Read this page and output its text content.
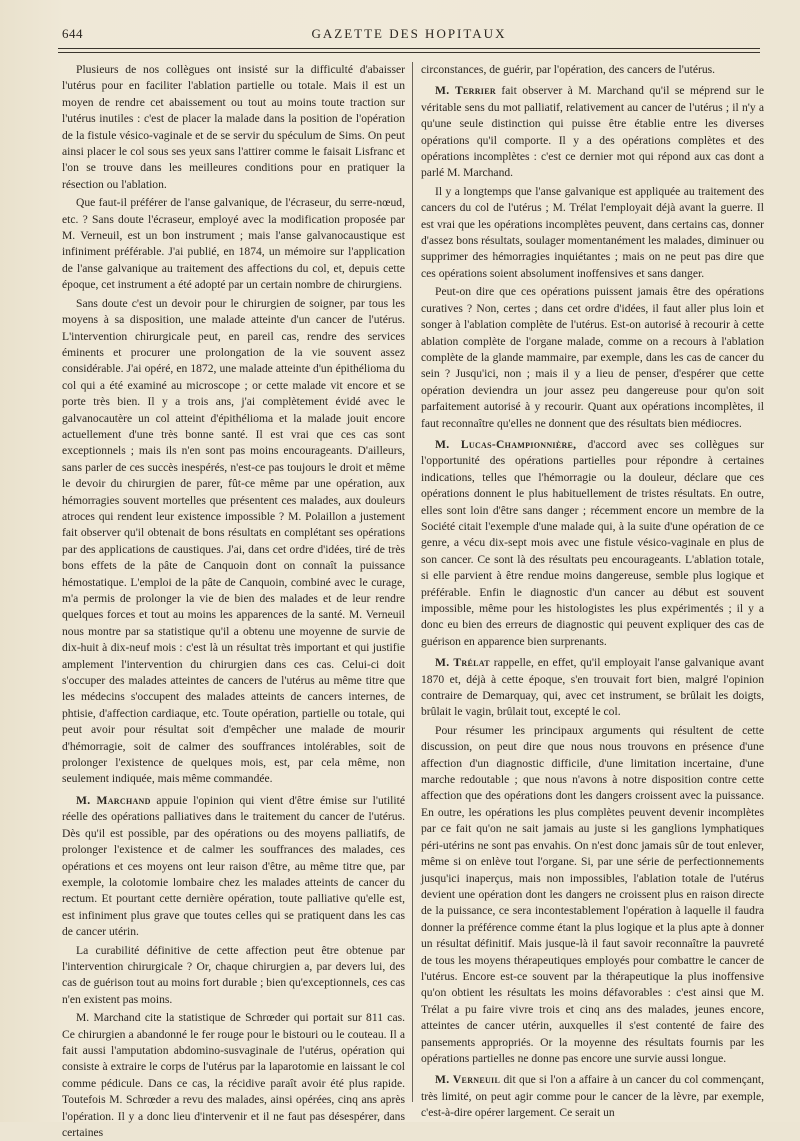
644	GAZETTE DES HOPITAUX

Plusieurs de nos collègues ont insisté sur la difficulté d'abaisser l'utérus pour en faciliter l'ablation partielle ou totale. Mais il est un moyen de rendre cet abaissement ou tout au moins toute traction sur l'utérus inutiles : c'est de placer la malade dans la position de l'opération de la fistule vésico-vaginale et de se servir du spéculum de Sims. On peut ainsi placer le col sous ses yeux sans l'attirer comme le faisait Lisfranc et l'on se trouve dans les meilleures conditions pour en pratiquer la résection ou l'ablation.

Que faut-il préférer de l'anse galvanique, de l'écraseur, du serre-nœud, etc. ? Sans doute l'écraseur, employé avec la modification proposée par M. Verneuil, est un bon instrument ; mais l'anse galvanocaustique est infiniment préférable. J'ai publié, en 1874, un mémoire sur l'application de l'anse galvanique au traitement des affections du col, et, depuis cette époque, cet instrument a été adopté par un certain nombre de chirurgiens.

Sans doute c'est un devoir pour le chirurgien de soigner, par tous les moyens à sa disposition, une malade atteinte d'un cancer de l'utérus. L'intervention chirurgicale peut, en pareil cas, rendre des services éminents et procurer une prolongation de la vie souvent assez considérable. J'ai opéré, en 1872, une malade atteinte d'un épithélioma du col qui a été examiné au microscope ; or cette malade vit encore et se porte très bien. Il y a trois ans, j'ai complètement évidé avec le galvanocautère un col atteint d'épithélioma et la malade jouit encore actuellement d'une très bonne santé. Il est vrai que ces cas sont exceptionnels ; mais ils n'en sont pas moins encourageants. D'ailleurs, sans parler de ces succès inespérés, n'est-ce pas toujours le droit et même le devoir du chirurgien de parer, fût-ce même par une opération, aux hémorragies souvent mortelles que présentent ces malades, aux douleurs atroces qui rendent leur existence impossible ? M. Polaillon a justement fait observer qu'il obtenait de bons résultats en complétant ses opérations par des applications de caustiques. J'ai, dans cet ordre d'idées, tiré de très bons effets de la pâte de Canquoin dont on connaît la puissance hémostatique. L'emploi de la pâte de Canquoin, combiné avec le curage, m'a permis de prolonger la vie de bien des malades et de leur rendre quelques forces et tout au moins les apparences de la santé. M. Verneuil nous montre par sa statistique qu'il a obtenu une moyenne de survie de dix-huit à dix-neuf mois : c'est là un résultat très important et qui justifie amplement l'intervention du chirurgien dans ces cas. Celui-ci doit s'occuper des malades atteintes de cancers de l'utérus au même titre que les médecins s'occupent des malades atteints de cancers internes, de phtisie, d'affection cardiaque, etc. Toute opération, partielle ou totale, qui peut avoir pour résultat soit d'empêcher une malade de mourir d'hémorragie, soit de calmer des souffrances intolérables, soit de prolonger l'existence de quelques mois, est, par cela même, non seulement indiquée, mais même commandée.

M. Marchand appuie l'opinion qui vient d'être émise sur l'utilité réelle des opérations palliatives dans le traitement du cancer de l'utérus. Dès qu'il est possible, par des opérations ou des moyens palliatifs, de prolonger l'existence et de calmer les souffrances des malades, ces opérations et ces moyens ont leur raison d'être, au même titre que, par exemple, la colotomie lombaire chez les malades atteints de cancer du rectum. Et pourtant cette dernière opération, toute palliative qu'elle est, est infiniment plus grave que toutes celles qui se pratiquent dans les cas de cancer utérin.

La curabilité définitive de cette affection peut être obtenue par l'intervention chirurgicale ? Or, chaque chirurgien a, par devers lui, des cas de guérison tout au moins fort durable ; bien qu'exceptionnels, ces cas n'en existent pas moins.

M. Marchand cite la statistique de Schrœder qui portait sur 811 cas. Ce chirurgien a abandonné le fer rouge pour le bistouri ou le couteau. Il a fait aussi l'amputation abdomino-susvaginale de l'utérus, opération qui consiste à extraire le corps de l'utérus par la laparotomie en laissant le col comme pédicule. Dans ce cas, la récidive paraît avoir été plus rapide. Toutefois M. Schrœder a revu des malades, ainsi opérées, cinq ans après l'opération. Il y a donc lieu d'intervenir et il ne faut pas désespérer, dans certaines

circonstances, de guérir, par l'opération, des cancers de l'utérus.

M. Terrier fait observer à M. Marchand qu'il se méprend sur le véritable sens du mot palliatif, relativement au cancer de l'utérus ; il n'y a qu'une seule distinction qui puisse être établie entre les diverses opérations qu'il comporte. Il y a des opérations complètes et des opérations incomplètes : c'est ce dernier mot qui répond aux cas dont a parlé M. Marchand.

Il y a longtemps que l'anse galvanique est appliquée au traitement des cancers du col de l'utérus ; M. Trélat l'employait déjà avant la guerre. Il est vrai que les opérations incomplètes peuvent, dans certains cas, donner d'assez bons résultats, soulager momentanément les malades, diminuer ou supprimer des hémorragies inquiétantes ; mais on ne peut pas dire que ces opérations soient absolument inoffensives et sans danger.

Peut-on dire que ces opérations puissent jamais être des opérations curatives ? Non, certes ; dans cet ordre d'idées, il faut aller plus loin et songer à l'ablation complète de l'utérus. Est-on autorisé à recourir à cette ablation complète de l'organe malade, comme on a recours à l'ablation complète de la glande mammaire, par exemple, dans les cas de cancer du sein ? Jusqu'ici, non ; mais il y a lieu de penser, d'espérer que cette opération deviendra un jour assez peu dangereuse pour qu'on soit parfaitement autorisé à y recourir. Quant aux opérations incomplètes, il faut reconnaître qu'elles ne donnent que des résultats bien médiocres.

M. Lucas-Championnière, d'accord avec ses collègues sur l'opportunité des opérations partielles pour répondre à certaines indications, telles que l'hémorragie ou la douleur, déclare que ces opérations donnent le plus habituellement de tristes résultats. En outre, elles sont loin d'être sans danger ; récemment encore un membre de la Société citait l'exemple d'une malade qui, à la suite d'une opération de ce genre, a vécu dix-sept mois avec une fistule vésico-vaginale en plus de son cancer. Ce sont là des résultats peu encourageants. L'ablation totale, si elle parvient à être rendue moins dangereuse, semble plus logique et préférable. Enfin le diagnostic d'un cancer au début est souvent impossible, même pour les histologistes les plus expérimentés ; il y a donc eu bien des erreurs de diagnostic qui peuvent expliquer des cas de guérison en apparence bien surprenants.

M. Trélat rappelle, en effet, qu'il employait l'anse galvanique avant 1870 et, déjà à cette époque, s'en trouvait fort bien, malgré l'opinion contraire de Demarquay, qui, avec cet instrument, se brûlait les doigts, brûlait le vagin, brûlait tout, excepté le col.

Pour résumer les principaux arguments qui résultent de cette discussion, on peut dire que nous nous trouvons en présence d'une affection d'un diagnostic difficile, d'une limitation incertaine, d'une marche redoutable ; que nous n'avons à notre disposition contre cette affection que des opérations dont les dangers croissent avec la puissance. En outre, les opérations les plus complètes peuvent devenir incomplètes par ce fait qu'on ne sait jamais au juste si les ganglions lymphatiques péri-utérins ne sont pas envahis. On n'est donc jamais sûr de tout enlever, même si on enlève tout l'organe. Si, par une série de perfectionnements jusqu'ici inaperçus, mais non impossibles, l'ablation totale de l'utérus devient une opération dont les dangers ne croissent plus en raison directe de la puissance, ce sera incontestablement l'opération à laquelle il faudra donner la préférence comme étant la plus logique et la plus apte à donner un résultat définitif. Mais jusque-là il faut savoir reconnaître la pauvreté de tous les moyens thérapeutiques employés pour combattre le cancer de l'utérus. Encore est-ce souvent par la thérapeutique la plus inoffensive qu'on obtient les résultats les moins défavorables : c'est ainsi que M. Trélat a pu faire vivre trois et cinq ans des malades, jeunes encore, atteintes de cancer utérin, auxquelles il s'est contenté de faire des pansements appropriés. Or la moyenne des résultats fournis par les opérations partielles ne donne pas encore une survie aussi longue.

M. Verneuil dit que si l'on a affaire à un cancer du col commençant, très limité, on peut agir comme pour le cancer de la lèvre, par exemple, c'est-à-dire opérer largement. Ce serait un
